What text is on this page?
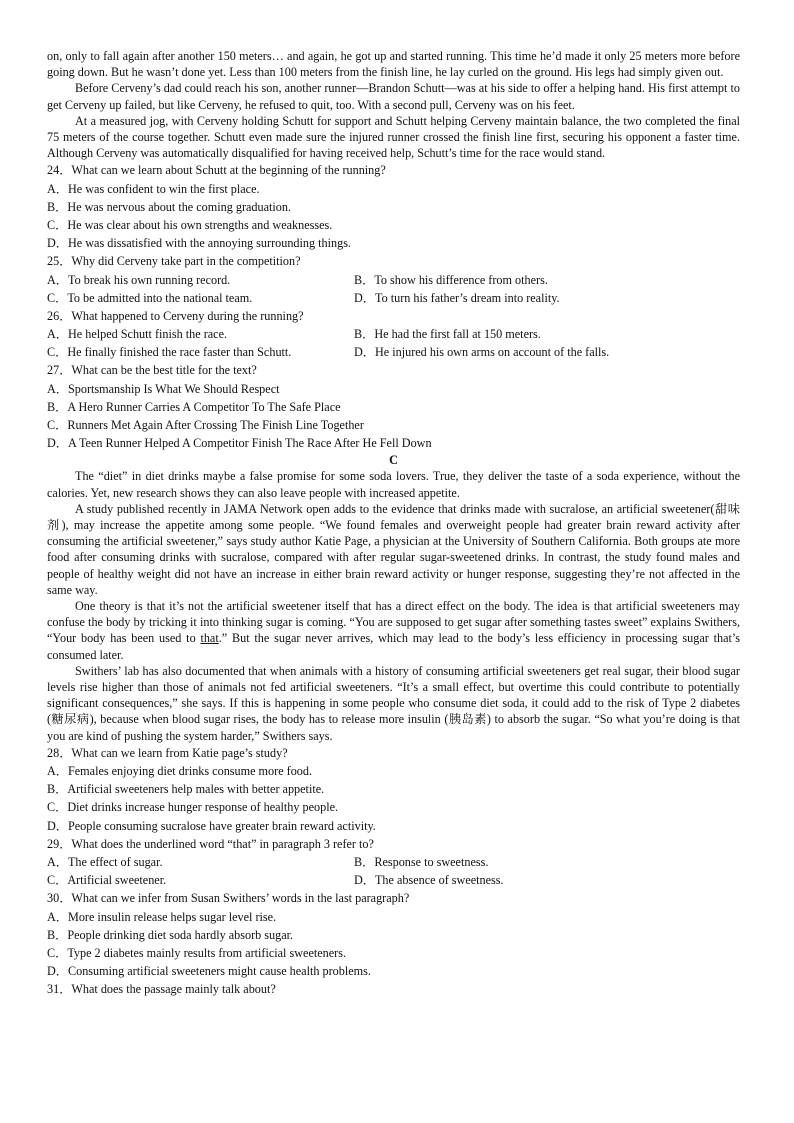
on, only to fall again after another 150 meters… and again, he got up and started running. This time he’d made it only 25 meters more before going down. But he wasn’t done yet. Less than 100 meters from the finish line, he lay curled on the ground. His legs had simply given out.

Before Cerveny’s dad could reach his son, another runner—Brandon Schutt—was at his side to offer a helping hand. His first attempt to get Cerveny up failed, but like Cerveny, he refused to quit, too. With a second pull, Cerveny was on his feet.

At a measured jog, with Cerveny holding Schutt for support and Schutt helping Cerveny maintain balance, the two completed the final 75 meters of the course together. Schutt even made sure the injured runner crossed the finish line first, securing his opponent a faster time. Although Cerveny was automatically disqualified for having received help, Schutt’s time for the race would stand.

24．What can we learn about Schutt at the beginning of the running?
A．He was confident to win the first place.
B．He was nervous about the coming graduation.
C．He was clear about his own strengths and weaknesses.
D．He was dissatisfied with the annoying surrounding things.
25．Why did Cerveny take part in the competition?
A．To break his own running record.	B．To show his difference from others.
C．To be admitted into the national team.	D．To turn his father’s dream into reality.
26．What happened to Cerveny during the running?
A．He helped Schutt finish the race.	B．He had the first fall at 150 meters.
C．He finally finished the race faster than Schutt.	D．He injured his own arms on account of the falls.
27．What can be the best title for the text?
A．Sportsmanship Is What We Should Respect
B．A Hero Runner Carries A Competitor To The Safe Place
C．Runners Met Again After Crossing The Finish Line Together
D．A Teen Runner Helped A Competitor Finish The Race After He Fell Down
C

The “diet” in diet drinks maybe a false promise for some soda lovers. True, they deliver the taste of a soda experience, without the calories. Yet, new research shows they can also leave people with increased appetite.

A study published recently in JAMA Network open adds to the evidence that drinks made with sucralose, an artificial sweetener(甜味剂), may increase the appetite among some people. “We found females and overweight people had greater brain reward activity after consuming the artificial sweetener,” says study author Katie Page, a physician at the University of Southern California. Both groups ate more food after consuming drinks with sucralose, compared with after regular sugar-sweetened drinks. In contrast, the study found males and people of healthy weight did not have an increase in either brain reward activity or hunger response, suggesting they’re not affected in the same way.

One theory is that it’s not the artificial sweetener itself that has a direct effect on the body. The idea is that artificial sweeteners may confuse the body by tricking it into thinking sugar is coming. “You are supposed to get sugar after something tastes sweet” explains Swithers, “Your body has been used to that.” But the sugar never arrives, which may lead to the body’s less efficiency in processing sugar that’s consumed later.

Swithers’ lab has also documented that when animals with a history of consuming artificial sweeteners get real sugar, their blood sugar levels rise higher than those of animals not fed artificial sweeteners. “It’s a small effect, but overtime this could contribute to potentially significant consequences,” she says. If this is happening in some people who consume diet soda, it could add to the risk of Type 2 diabetes (糖尿病), because when blood sugar rises, the body has to release more insulin (胰岛素) to absorb the sugar. “So what you’re doing is that you are kind of pushing the system harder,” Swithers says.

28．What can we learn from Katie page’s study?
A．Females enjoying diet drinks consume more food.
B．Artificial sweeteners help males with better appetite.
C．Diet drinks increase hunger response of healthy people.
D．People consuming sucralose have greater brain reward activity.
29．What does the underlined word “that” in paragraph 3 refer to?
A．The effect of sugar.	B．Response to sweetness.
C．Artificial sweetener.	D．The absence of sweetness.
30．What can we infer from Susan Swithers’ words in the last paragraph?
A．More insulin release helps sugar level rise.
B．People drinking diet soda hardly absorb sugar.
C．Type 2 diabetes mainly results from artificial sweeteners.
D．Consuming artificial sweeteners might cause health problems.
31．What does the passage mainly talk about?
